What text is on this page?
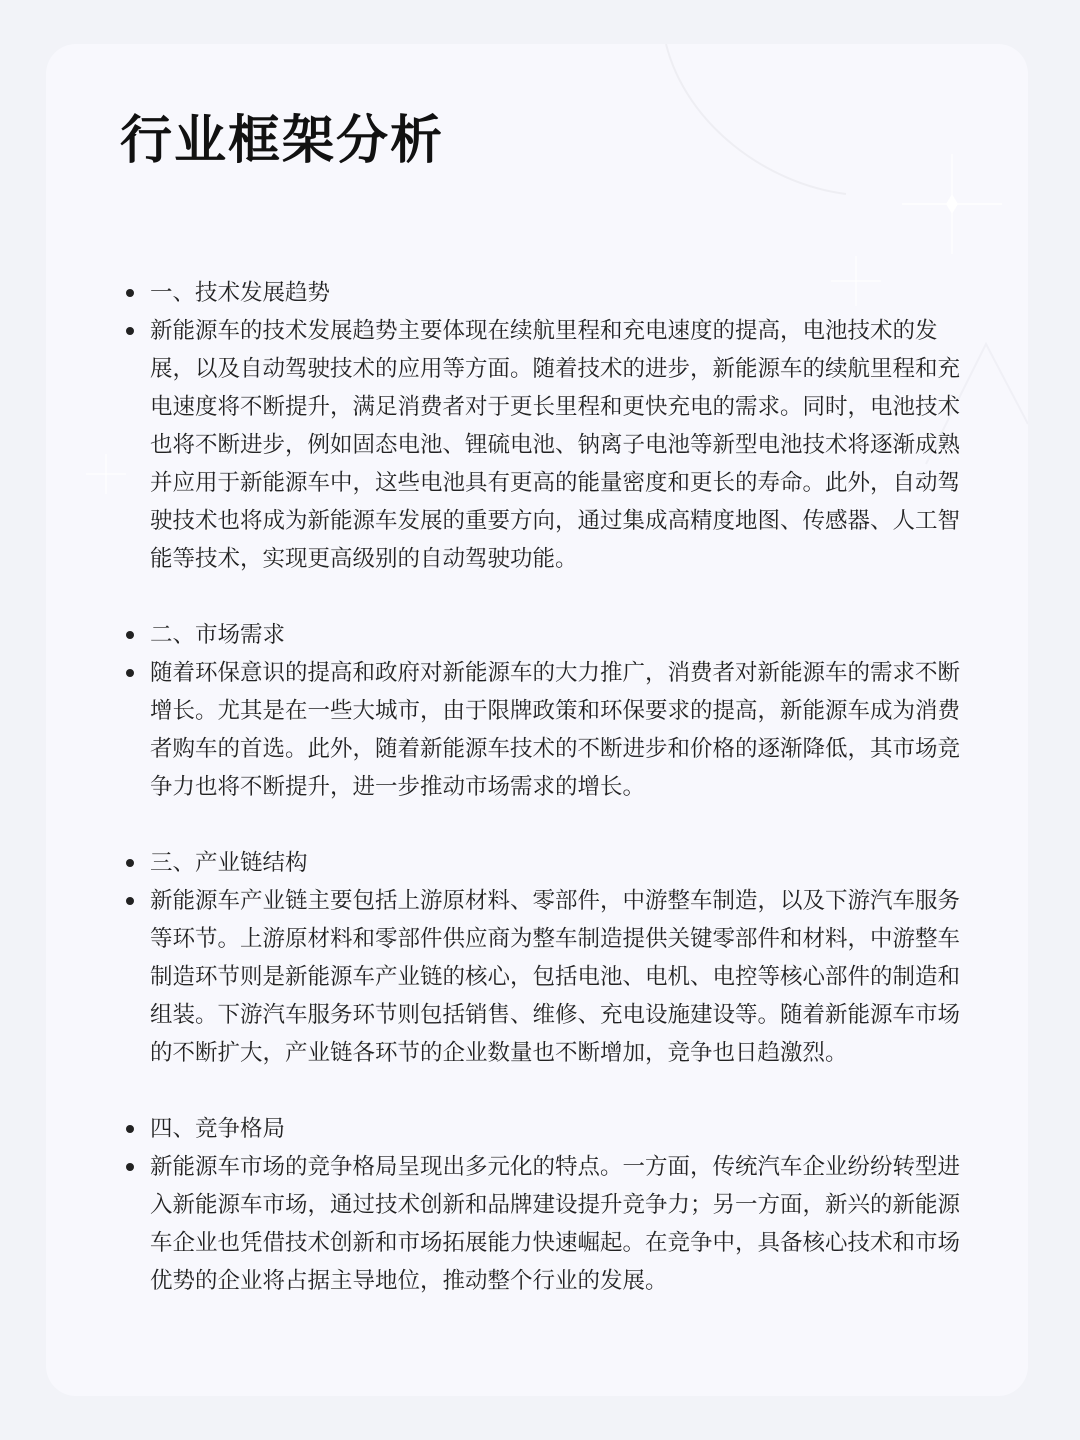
行业框架分析
一、技术发展趋势
新能源车的技术发展趋势主要体现在续航里程和充电速度的提高，电池技术的发展，以及自动驾驶技术的应用等方面。随着技术的进步，新能源车的续航里程和充电速度将不断提升，满足消费者对于更长里程和更快充电的需求。同时，电池技术也将不断进步，例如固态电池、锂硫电池、钠离子电池等新型电池技术将逐渐成熟并应用于新能源车中，这些电池具有更高的能量密度和更长的寿命。此外，自动驾驶技术也将成为新能源车发展的重要方向，通过集成高精度地图、传感器、人工智能等技术，实现更高级别的自动驾驶功能。
二、市场需求
随着环保意识的提高和政府对新能源车的大力推广，消费者对新能源车的需求不断增长。尤其是在一些大城市，由于限牌政策和环保要求的提高，新能源车成为消费者购车的首选。此外，随着新能源车技术的不断进步和价格的逐渐降低，其市场竞争力也将不断提升，进一步推动市场需求的增长。
三、产业链结构
新能源车产业链主要包括上游原材料、零部件，中游整车制造，以及下游汽车服务等环节。上游原材料和零部件供应商为整车制造提供关键零部件和材料，中游整车制造环节则是新能源车产业链的核心，包括电池、电机、电控等核心部件的制造和组装。下游汽车服务环节则包括销售、维修、充电设施建设等。随着新能源车市场的不断扩大，产业链各环节的企业数量也不断增加，竞争也日趋激烈。
四、竞争格局
新能源车市场的竞争格局呈现出多元化的特点。一方面，传统汽车企业纷纷转型进入新能源车市场，通过技术创新和品牌建设提升竞争力；另一方面，新兴的新能源车企业也凭借技术创新和市场拓展能力快速崛起。在竞争中，具备核心技术和市场优势的企业将占据主导地位，推动整个行业的发展。
